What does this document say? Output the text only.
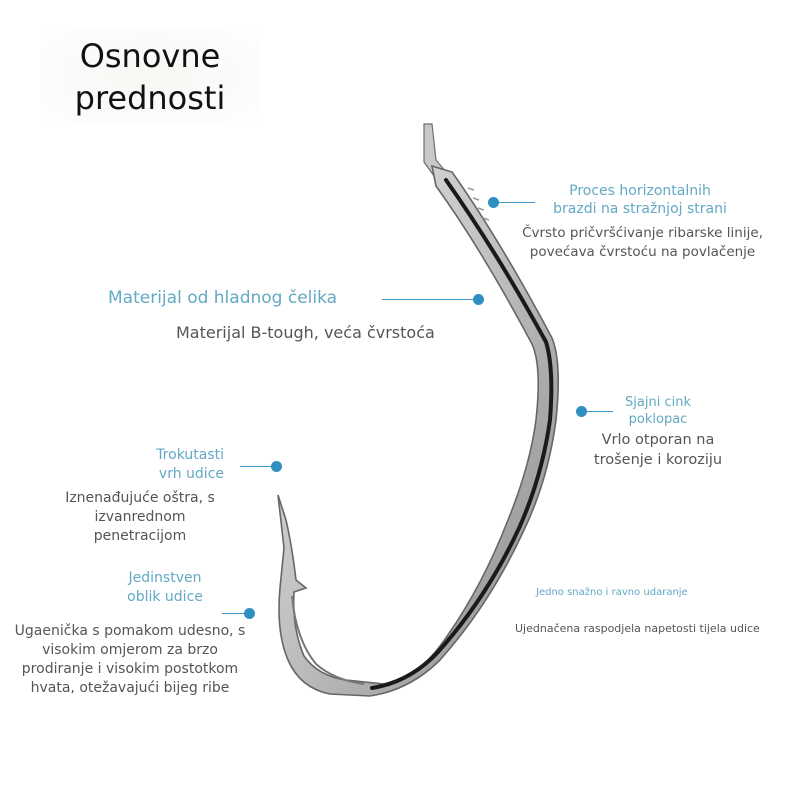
Osnovne
prednosti

Proces horizontalnih

brazdi na stražnjoj strani

Čvrsto pričvršćivanje ribarske linije,

povećava čvrstoću na povlačenje

Materijal od hladnog čelika

Materijal B-tough, veća čvrstoća

Sjajni cink

poklopac

Vrlo otporan na

trošenje i koroziju

Trokutasti

vrh udice

Iznenađujuće oštra, s

izvanrednom

penetracijom

Jedinstven

oblik udice

Ugaenička s pomakom udesno, s

visokim omjerom za brzo

prodiranje i visokim postotkom

hvata, otežavajući bijeg ribe

Jedno snažno i ravno udaranje

Ujednačena raspodjela napetosti tijela udice
